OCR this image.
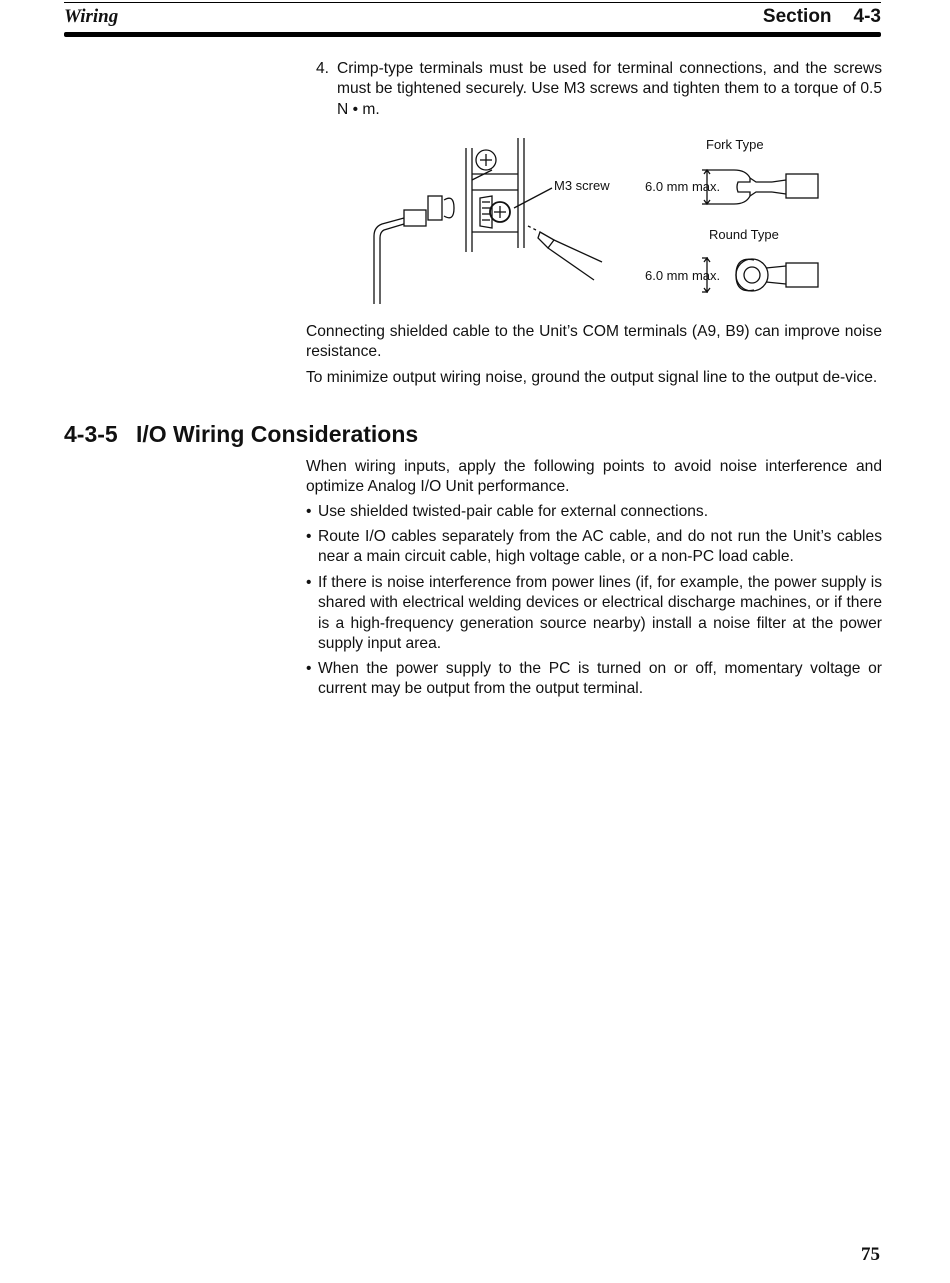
Wiring	Section 4-3
4. Crimp-type terminals must be used for terminal connections, and the screws must be tightened securely. Use M3 screws and tighten them to a torque of 0.5 N • m.
M3 screw
Fork Type
6.0 mm max.
Round Type
6.0 mm max.
Connecting shielded cable to the Unit’s COM terminals (A9, B9) can improve noise resistance.
To minimize output wiring noise, ground the output signal line to the output de-vice.
4-3-5 I/O Wiring Considerations
When wiring inputs, apply the following points to avoid noise interference and optimize Analog I/O Unit performance.
• Use shielded twisted-pair cable for external connections.
• Route I/O cables separately from the AC cable, and do not run the Unit’s cables near a main circuit cable, high voltage cable, or a non-PC load cable.
• If there is noise interference from power lines (if, for example, the power supply is shared with electrical welding devices or electrical discharge machines, or if there is a high-frequency generation source nearby) install a noise filter at the power supply input area.
• When the power supply to the PC is turned on or off, momentary voltage or current may be output from the output terminal.
75
